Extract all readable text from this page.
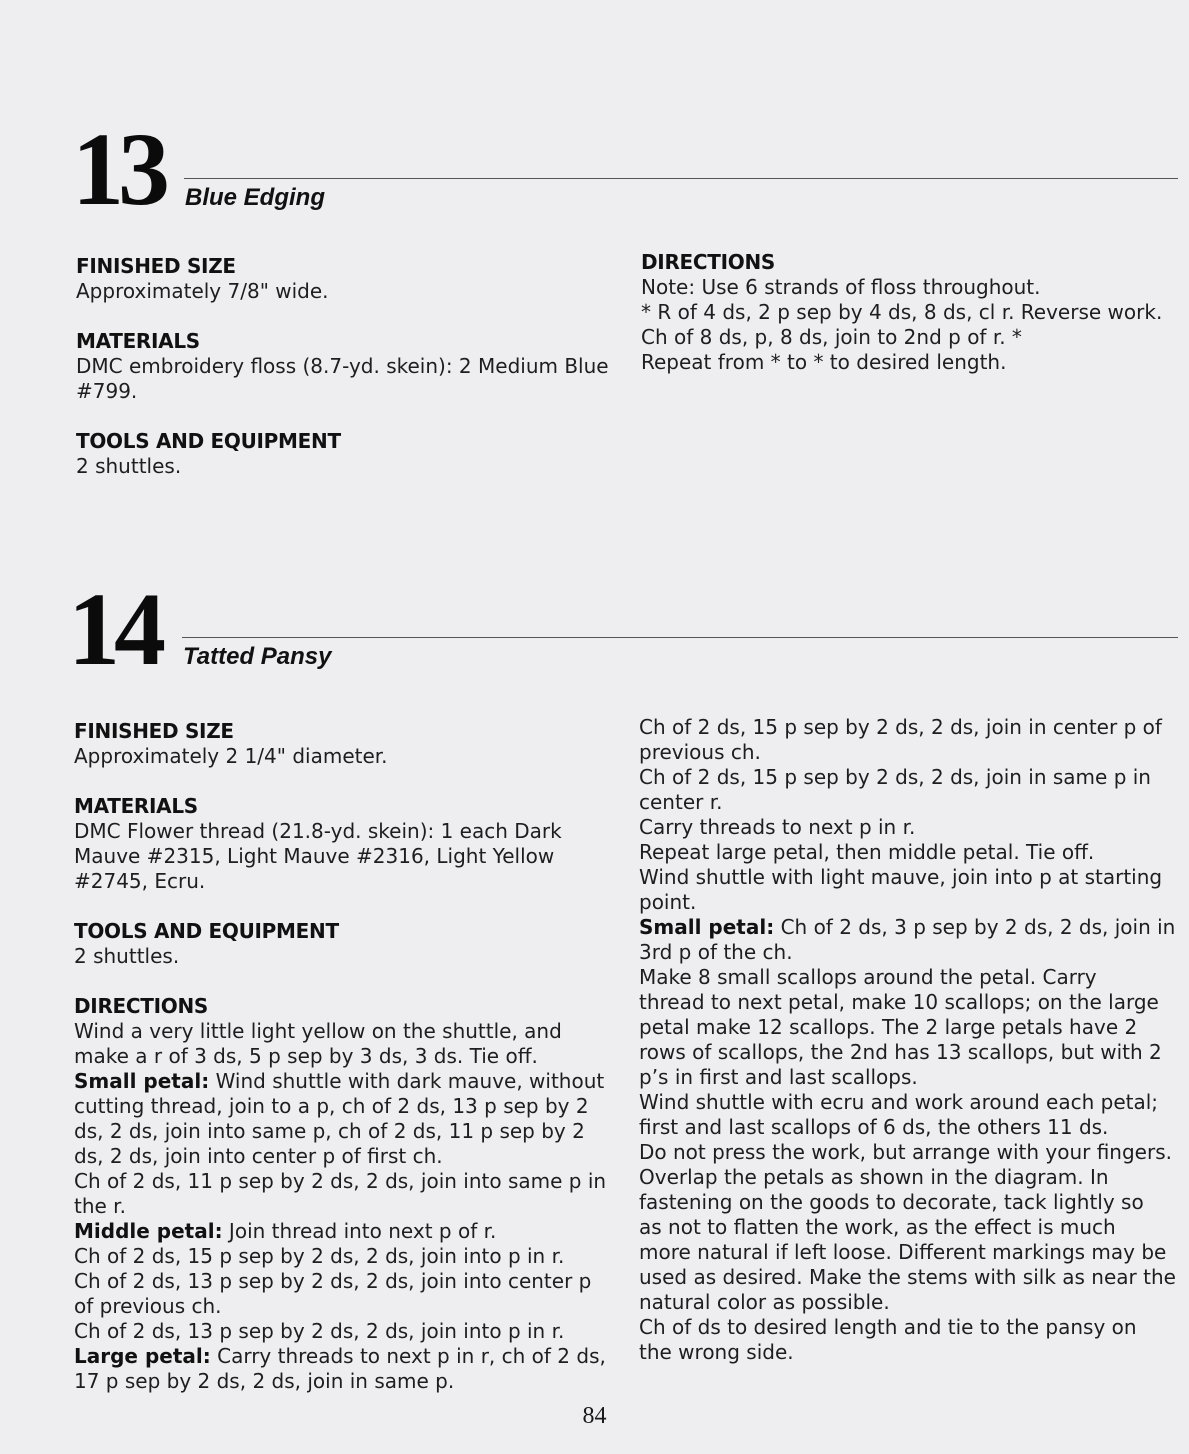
13 Blue Edging

FINISHED SIZE

Approximately 7/8" wide.

MATERIALS

DMC embroidery floss (8.7-yd. skein): 2 Medium Blue

#799.

TOOLS AND EQUIPMENT

2 shuttles.

DIRECTIONS

Note: Use 6 strands of floss throughout.

* R of 4 ds, 2 p sep by 4 ds, 8 ds, cl r. Reverse work.

Ch of 8 ds, p, 8 ds, join to 2nd p of r. *

Repeat from * to * to desired length.

14 Tatted Pansy

FINISHED SIZE

Approximately 2 1/4" diameter.

MATERIALS

DMC Flower thread (21.8-yd. skein): 1 each Dark

Mauve #2315, Light Mauve #2316, Light Yellow

#2745, Ecru.

TOOLS AND EQUIPMENT

2 shuttles.

DIRECTIONS

Wind a very little light yellow on the shuttle, and

make a r of 3 ds, 5 p sep by 3 ds, 3 ds. Tie off.

Small petal: Wind shuttle with dark mauve, without

cutting thread, join to a p, ch of 2 ds, 13 p sep by 2

ds, 2 ds, join into same p, ch of 2 ds, 11 p sep by 2

ds, 2 ds, join into center p of first ch.

Ch of 2 ds, 11 p sep by 2 ds, 2 ds, join into same p in

the r.

Middle petal: Join thread into next p of r.

Ch of 2 ds, 15 p sep by 2 ds, 2 ds, join into p in r.

Ch of 2 ds, 13 p sep by 2 ds, 2 ds, join into center p

of previous ch.

Ch of 2 ds, 13 p sep by 2 ds, 2 ds, join into p in r.

Large petal: Carry threads to next p in r, ch of 2 ds,

17 p sep by 2 ds, 2 ds, join in same p.

Ch of 2 ds, 15 p sep by 2 ds, 2 ds, join in center p of

previous ch.

Ch of 2 ds, 15 p sep by 2 ds, 2 ds, join in same p in

center r.

Carry threads to next p in r.

Repeat large petal, then middle petal. Tie off.

Wind shuttle with light mauve, join into p at starting

point.

Small petal: Ch of 2 ds, 3 p sep by 2 ds, 2 ds, join in

3rd p of the ch.

Make 8 small scallops around the petal. Carry

thread to next petal, make 10 scallops; on the large

petal make 12 scallops. The 2 large petals have 2

rows of scallops, the 2nd has 13 scallops, but with 2

p’s in first and last scallops.

Wind shuttle with ecru and work around each petal;

first and last scallops of 6 ds, the others 11 ds.

Do not press the work, but arrange with your fingers.

Overlap the petals as shown in the diagram. In

fastening on the goods to decorate, tack lightly so

as not to flatten the work, as the effect is much

more natural if left loose. Different markings may be

used as desired. Make the stems with silk as near the

natural color as possible.

Ch of ds to desired length and tie to the pansy on

the wrong side.

84
